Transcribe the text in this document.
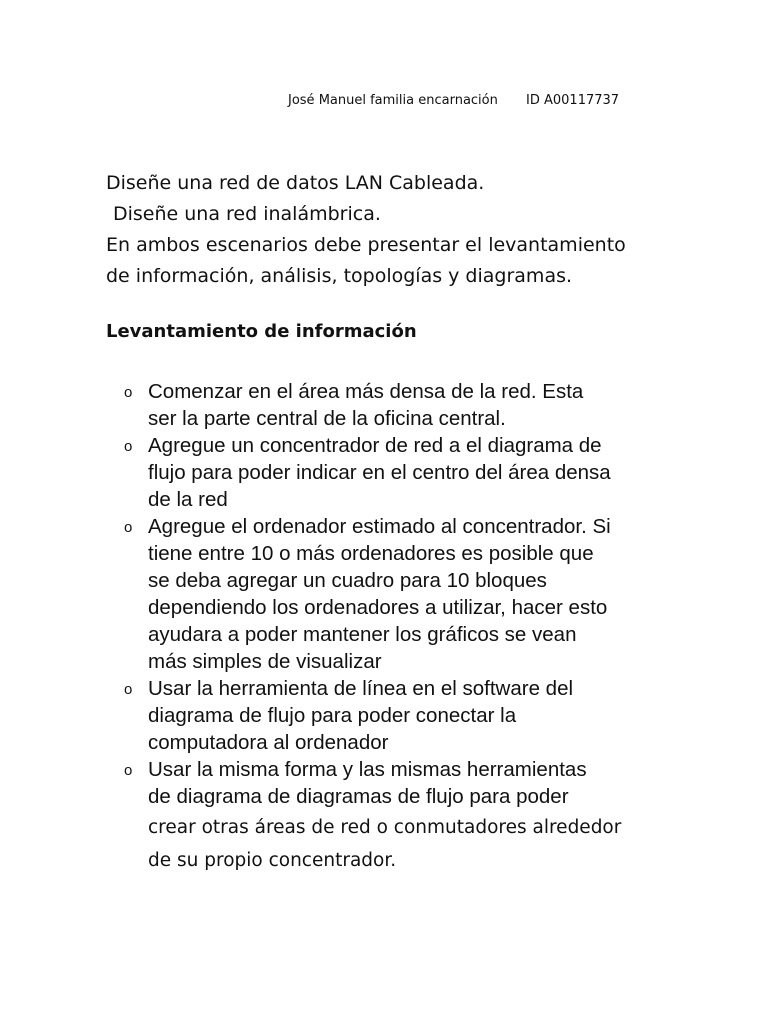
José Manuel familia encarnación ID A00117737

Diseñe una red de datos LAN Cableada.

Diseñe una red inalámbrica.

En ambos escenarios debe presentar el levantamiento

de información, análisis, topologías y diagramas.

Levantamiento de información
o Comenzar en el área más densa de la red. Esta
ser la parte central de la oficina central.
o Agregue un concentrador de red a el diagrama de
flujo para poder indicar en el centro del área densa
de la red
o Agregue el ordenador estimado al concentrador. Si
tiene entre 10 o más ordenadores es posible que
se deba agregar un cuadro para 10 bloques
dependiendo los ordenadores a utilizar, hacer esto
ayudara a poder mantener los gráficos se vean
más simples de visualizar
o Usar la herramienta de línea en el software del
diagrama de flujo para poder conectar la
computadora al ordenador
o Usar la misma forma y las mismas herramientas
de diagrama de diagramas de flujo para poder
crear otras áreas de red o conmutadores alrededor
de su propio concentrador.
